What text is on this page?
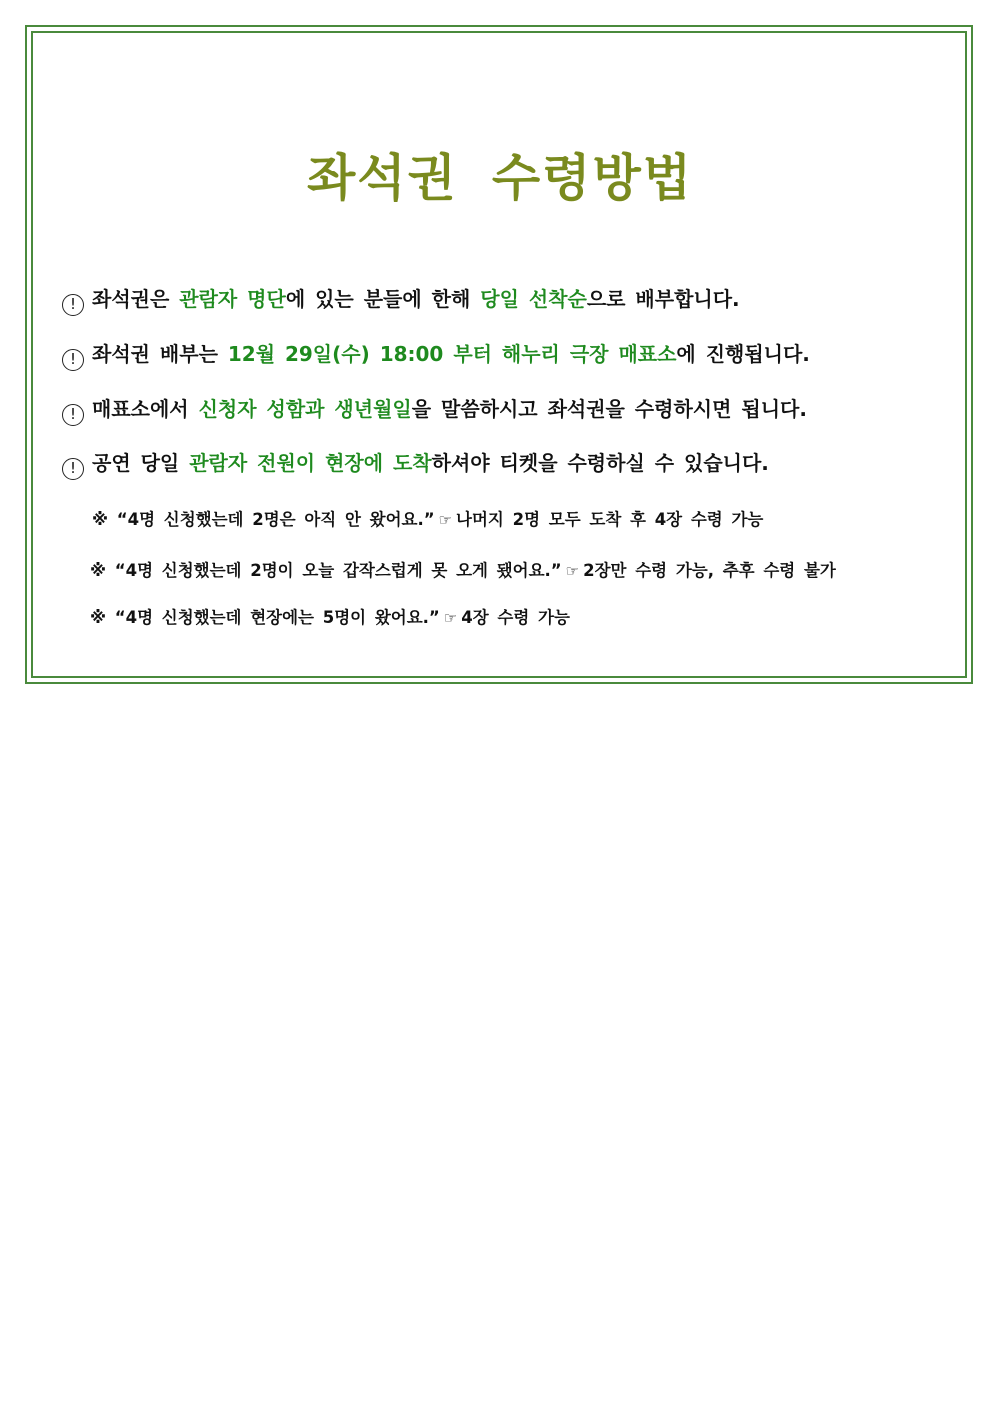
좌석권 수령방법
! 좌석권은 관람자 명단에 있는 분들에 한해 당일 선착순으로 배부합니다.
! 좌석권 배부는 12월 29일(수) 18:00 부터 해누리 극장 매표소에 진행됩니다.
! 매표소에서 신청자 성함과 생년월일을 말씀하시고 좌석권을 수령하시면 됩니다.
! 공연 당일 관람자 전원이 현장에 도착하셔야 티켓을 수령하실 수 있습니다.
※ “4명 신청했는데 2명은 아직 안 왔어요.” ☞ 나머지 2명 모두 도착 후 4장 수령 가능
※ “4명 신청했는데 2명이 오늘 갑작스럽게 못 오게 됐어요.” ☞ 2장만 수령 가능, 추후 수령 불가
※ “4명 신청했는데 현장에는 5명이 왔어요.” ☞ 4장 수령 가능
